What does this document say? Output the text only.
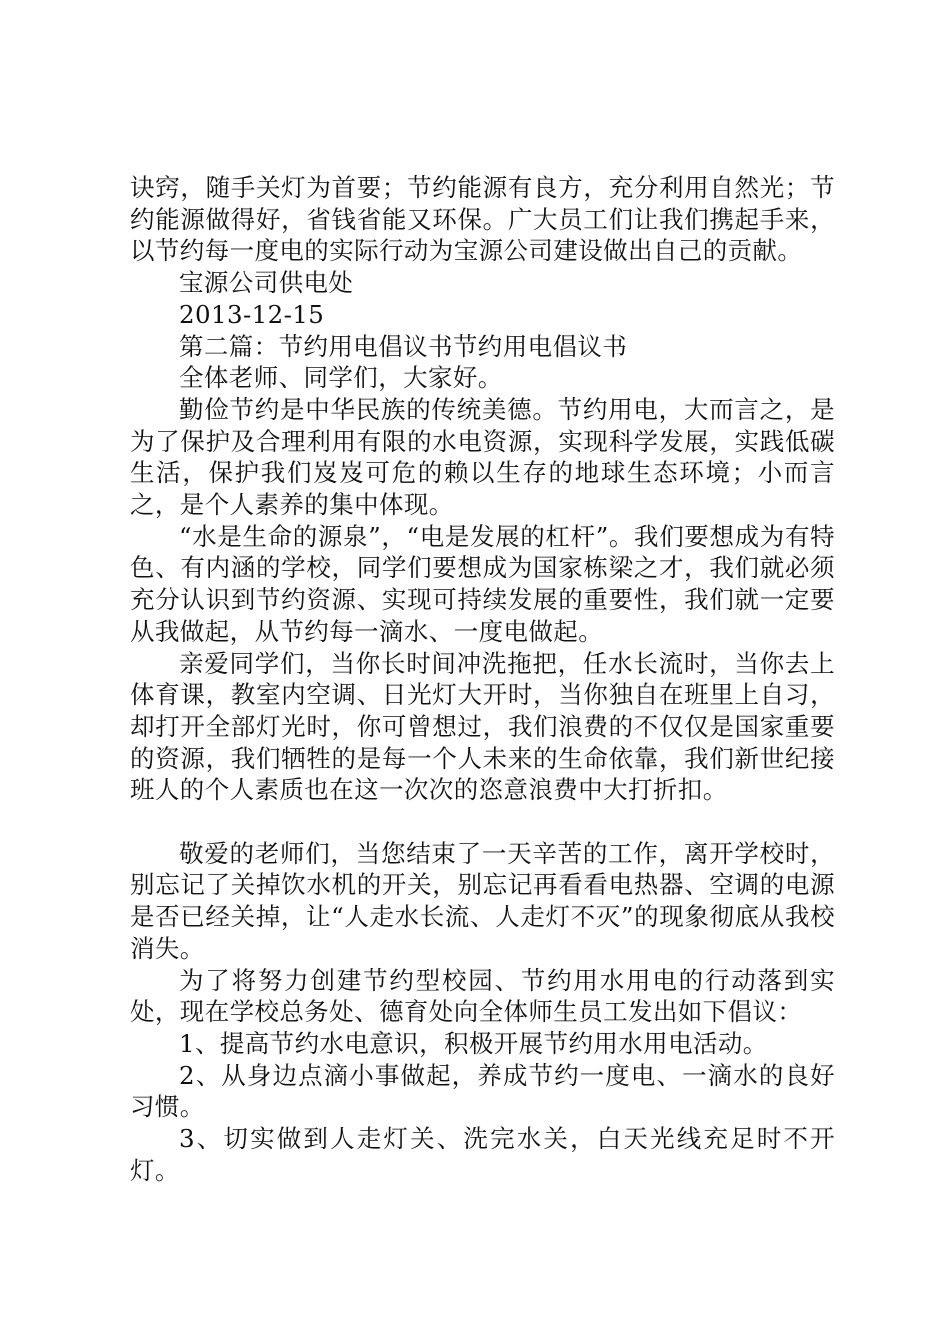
诀窍，随手关灯为首要；节约能源有良方，充分利用自然光；节约能源做得好，省钱省能又环保。广大员工们让我们携起手来，以节约每一度电的实际行动为宝源公司建设做出自己的贡献。

宝源公司供电处

2013-12-15

第二篇：节约用电倡议书节约用电倡议书

全体老师、同学们，大家好。

勤俭节约是中华民族的传统美德。节约用电，大而言之，是为了保护及合理利用有限的水电资源，实现科学发展，实践低碳生活，保护我们岌岌可危的赖以生存的地球生态环境；小而言之，是个人素养的集中体现。

“水是生命的源泉”，“电是发展的杠杆”。我们要想成为有特色、有内涵的学校，同学们要想成为国家栋梁之才，我们就必须充分认识到节约资源、实现可持续发展的重要性，我们就一定要从我做起，从节约每一滴水、一度电做起。

亲爱同学们，当你长时间冲洗拖把，任水长流时，当你去上体育课，教室内空调、日光灯大开时，当你独自在班里上自习，却打开全部灯光时，你可曾想过，我们浪费的不仅仅是国家重要的资源，我们牺牲的是每一个人未来的生命依靠，我们新世纪接班人的个人素质也在这一次次的恣意浪费中大打折扣。

敬爱的老师们，当您结束了一天辛苦的工作，离开学校时，别忘记了关掉饮水机的开关，别忘记再看看电热器、空调的电源是否已经关掉，让“人走水长流、人走灯不灭”的现象彻底从我校消失。

为了将努力创建节约型校园、节约用水用电的行动落到实处，现在学校总务处、德育处向全体师生员工发出如下倡议：

1、提高节约水电意识，积极开展节约用水用电活动。

2、从身边点滴小事做起，养成节约一度电、一滴水的良好习惯。

3、切实做到人走灯关、洗完水关，白天光线充足时不开灯。
